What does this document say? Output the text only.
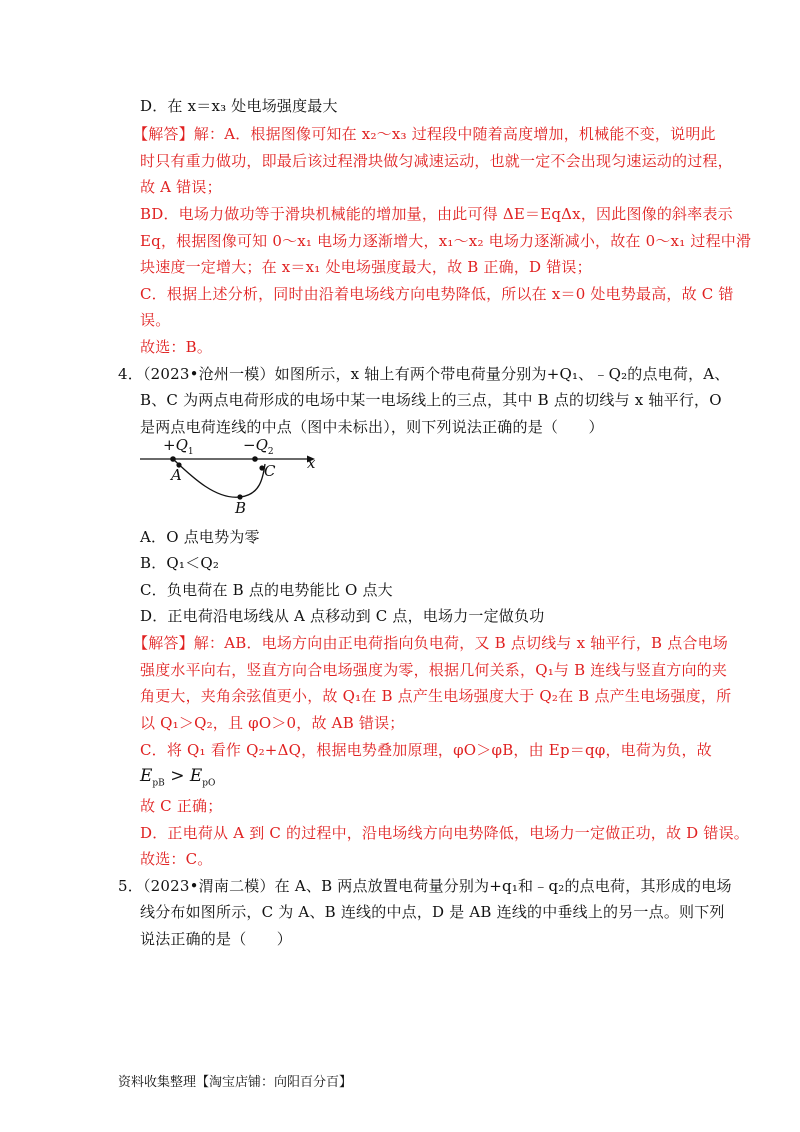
D．在 x＝x₃ 处电场强度最大
【解答】解：A．根据图像可知在 x₂～x₃ 过程段中随着高度增加，机械能不变，说明此
时只有重力做功，即最后该过程滑块做匀减速运动，也就一定不会出现匀速运动的过程，
故 A 错误；
BD．电场力做功等于滑块机械能的增加量，由此可得 ΔE＝EqΔx，因此图像的斜率表示
Eq，根据图像可知 0～x₁ 电场力逐渐增大，x₁～x₂ 电场力逐渐减小，故在 0～x₁ 过程中滑
块速度一定增大；在 x＝x₁ 处电场强度最大，故 B 正确，D 错误；
C．根据上述分析，同时由沿着电场线方向电势降低，所以在 x＝0 处电势最高，故 C 错
误。
故选：B。
4．（2023•沧州一模）如图所示，x 轴上有两个带电荷量分别为+Q₁、﹣Q₂的点电荷，A、
B、C 为两点电荷形成的电场中某一电场线上的三点，其中 B 点的切线与 x 轴平行，O
是两点电荷连线的中点（图中未标出），则下列说法正确的是（　　）
$+Q_1$	$-Q_2$
x
A	C
B
A．O 点电势为零
B．Q₁＜Q₂
C．负电荷在 B 点的电势能比 O 点大
D．正电荷沿电场线从 A 点移动到 C 点，电场力一定做负功
【解答】解：AB．电场方向由正电荷指向负电荷，又 B 点切线与 x 轴平行，B 点合电场
强度水平向右，竖直方向合电场强度为零，根据几何关系，Q₁与 B 连线与竖直方向的夹
角更大，夹角余弦值更小，故 Q₁在 B 点产生电场强度大于 Q₂在 B 点产生电场强度，所
以 Q₁＞Q₂，且 φO＞0，故 AB 错误；
C．将 Q₁ 看作 Q₂+ΔQ，根据电势叠加原理，φO＞φB，由 Ep＝qφ，电荷为负，故
$E_{pB} > E_{pO}$
故 C 正确；
D．正电荷从 A 到 C 的过程中，沿电场线方向电势降低，电场力一定做正功，故 D 错误。
故选：C。
5．（2023•渭南二模）在 A、B 两点放置电荷量分别为+q₁和﹣q₂的点电荷，其形成的电场
线分布如图所示，C 为 A、B 连线的中点，D 是 AB 连线的中垂线上的另一点。则下列
说法正确的是（　　）
资料收集整理【淘宝店铺：向阳百分百】
